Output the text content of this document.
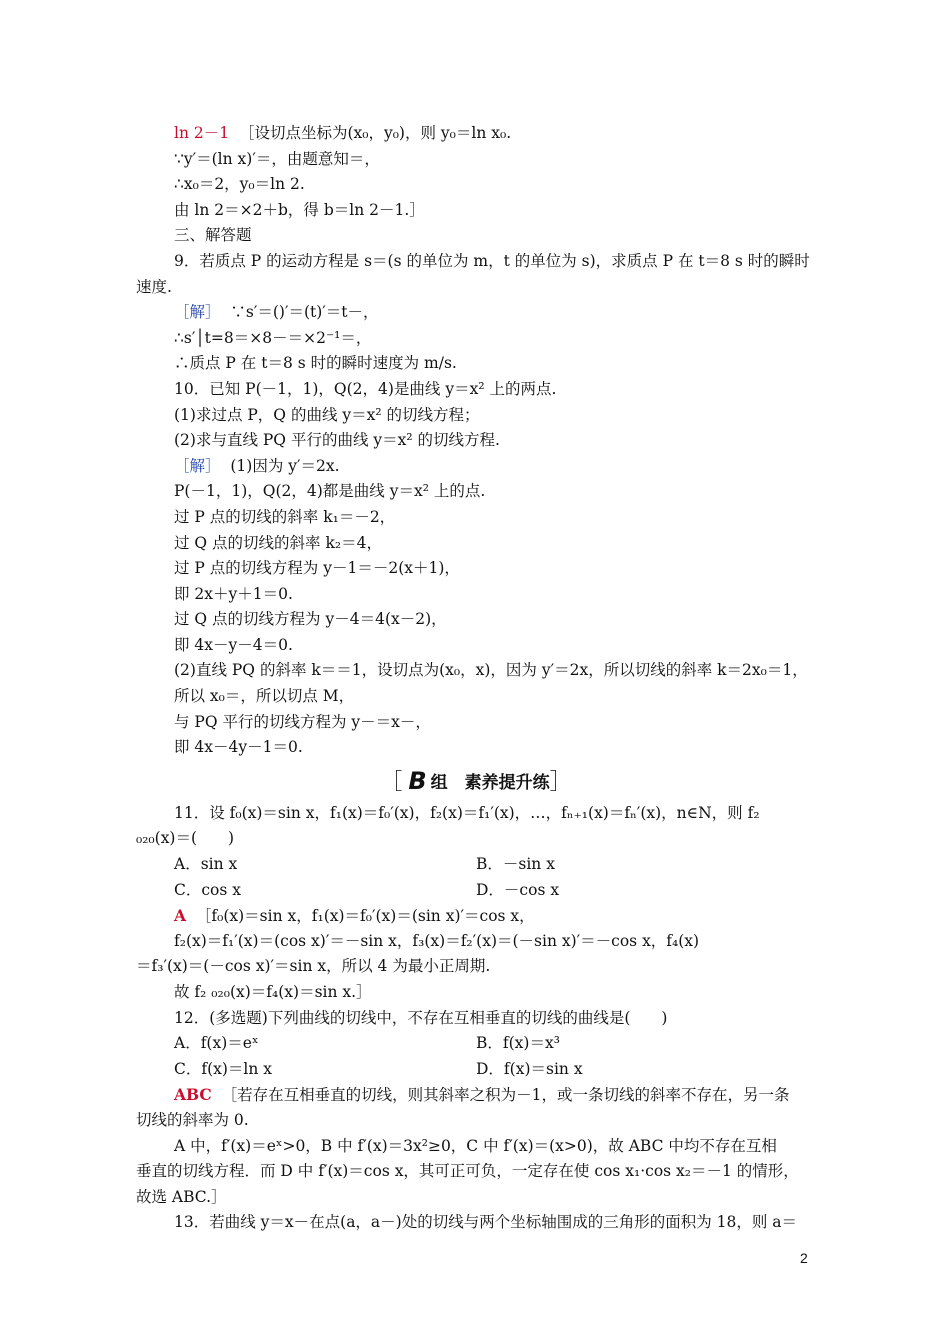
ln 2－1 ［设切点坐标为(x₀，y₀)，则 y₀＝ln x₀.
∵y′＝(ln x)′＝，由题意知＝，
∴x₀＝2，y₀＝ln 2.
由 ln 2＝×2＋b，得 b＝ln 2－1.］
三、解答题
9．若质点 P 的运动方程是 s＝(s 的单位为 m，t 的单位为 s)，求质点 P 在 t＝8 s 时的瞬时
速度.
［解］ ∵s′＝()′＝(t)′＝t－，
∴s′│t=8＝×8－＝×2⁻¹＝，
∴质点 P 在 t＝8 s 时的瞬时速度为 m/s.
10．已知 P(－1，1)，Q(2，4)是曲线 y＝x² 上的两点.
(1)求过点 P，Q 的曲线 y＝x² 的切线方程；
(2)求与直线 PQ 平行的曲线 y＝x² 的切线方程.
［解］ (1)因为 y′＝2x.
P(－1，1)，Q(2，4)都是曲线 y＝x² 上的点.
过 P 点的切线的斜率 k₁＝－2，
过 Q 点的切线的斜率 k₂＝4，
过 P 点的切线方程为 y－1＝－2(x＋1)，
即 2x＋y＋1＝0.
过 Q 点的切线方程为 y－4＝4(x－2)，
即 4x－y－4＝0.
(2)直线 PQ 的斜率 k＝＝1，设切点为(x₀，x)，因为 y′＝2x，所以切线的斜率 k＝2x₀＝1，
所以 x₀＝，所以切点 M，
与 PQ 平行的切线方程为 y－＝x－，
即 4x－4y－1＝0.
［ B 组　素养提升练 ］
11．设 f₀(x)＝sin x，f₁(x)＝f₀′(x)，f₂(x)＝f₁′(x)，…，fₙ₊₁(x)＝fₙ′(x)，n∈N，则 f₂
₀₂₀(x)＝(　　)
A．sin x	B．－sin x
C．cos x	D．－cos x
A ［f₀(x)＝sin x，f₁(x)＝f₀′(x)＝(sin x)′＝cos x，
f₂(x)＝f₁′(x)＝(cos x)′＝－sin x，f₃(x)＝f₂′(x)＝(－sin x)′＝－cos x，f₄(x)
＝f₃′(x)＝(－cos x)′＝sin x，所以 4 为最小正周期.
故 f₂ ₀₂₀(x)＝f₄(x)＝sin x.］
12．(多选题)下列曲线的切线中，不存在互相垂直的切线的曲线是(　　)
A．f(x)＝eˣ	B．f(x)＝x³
C．f(x)＝ln x	D．f(x)＝sin x
ABC ［若存在互相垂直的切线，则其斜率之积为－1，或一条切线的斜率不存在，另一条
切线的斜率为 0.
A 中，f′(x)＝eˣ>0，B 中 f′(x)＝3x²≥0，C 中 f′(x)＝(x>0)，故 ABC 中均不存在互相
垂直的切线方程．而 D 中 f′(x)＝cos x，其可正可负，一定存在使 cos x₁·cos x₂＝－1 的情形，
故选 ABC.］
13．若曲线 y＝x－在点(a，a－)处的切线与两个坐标轴围成的三角形的面积为 18，则 a＝
2
